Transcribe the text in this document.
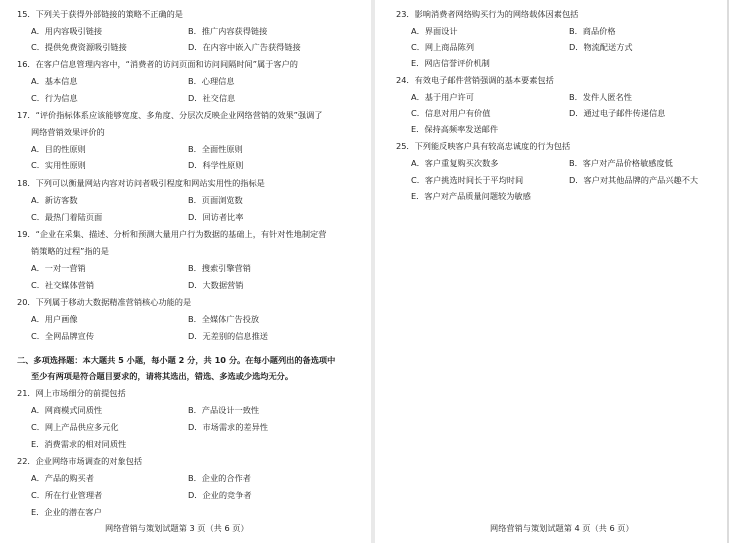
15．下列关于获得外部链接的策略不正确的是
A．用内容吸引链接	B．推广内容获得链接
C．提供免费资源吸引链接	D．在内容中嵌入广告获得链接
16．在客户信息管理内容中，“消费者的访问页面和访问间隔时间”属于客户的
A．基本信息	B．心理信息
C．行为信息	D．社交信息
17．“评价指标体系应该能够宽度、多角度、分层次反映企业网络营销的效果”强调了
网络营销效果评价的
A．目的性原则	B．全面性原则
C．实用性原则	D．科学性原则
18．下列可以衡量网站内容对访问者吸引程度和网站实用性的指标是
A．新访客数	B．页面浏览数
C．最热门着陆页面	D．回访者比率
19．“企业在采集、描述、分析和预测大量用户行为数据的基础上，有针对性地制定营
销策略的过程”指的是
A．一对一营销	B．搜索引擎营销
C．社交媒体营销	D．大数据营销
20．下列属于移动大数据精准营销核心功能的是
A．用户画像	B．全媒体广告投放
C．全网品牌宣传	D．无差别的信息推送
二、多项选择题：本大题共 5 小题，每小题 2 分，共 10 分。在每小题列出的备选项中
至少有两项是符合题目要求的，请将其选出，错选、多选或少选均无分。
21．网上市场细分的前提包括
A．网商模式同质性	B．产品设计一致性
C．网上产品供应多元化	D．市场需求的差异性
E．消费需求的相对同质性
22．企业网络市场调查的对象包括
A．产品的购买者	B．企业的合作者
C．所在行业管理者	D．企业的竞争者
E．企业的潜在客户
网络营销与策划试题第 3 页（共 6 页）
23．影响消费者网络购买行为的网络载体因素包括
A．界面设计	B．商品价格
C．网上商品陈列	D．物流配送方式
E．网店信誉评价机制
24．有效电子邮件营销强调的基本要素包括
A．基于用户许可	B．发件人匿名性
C．信息对用户有价值	D．通过电子邮件传递信息
E．保持高频率发送邮件
25．下列能反映客户具有较高忠诚度的行为包括
A．客户重复购买次数多	B．客户对产品价格敏感度低
C．客户挑选时间长于平均时间	D．客户对其他品牌的产品兴趣不大
E．客户对产品质量问题较为敏感
网络营销与策划试题第 4 页（共 6 页）
